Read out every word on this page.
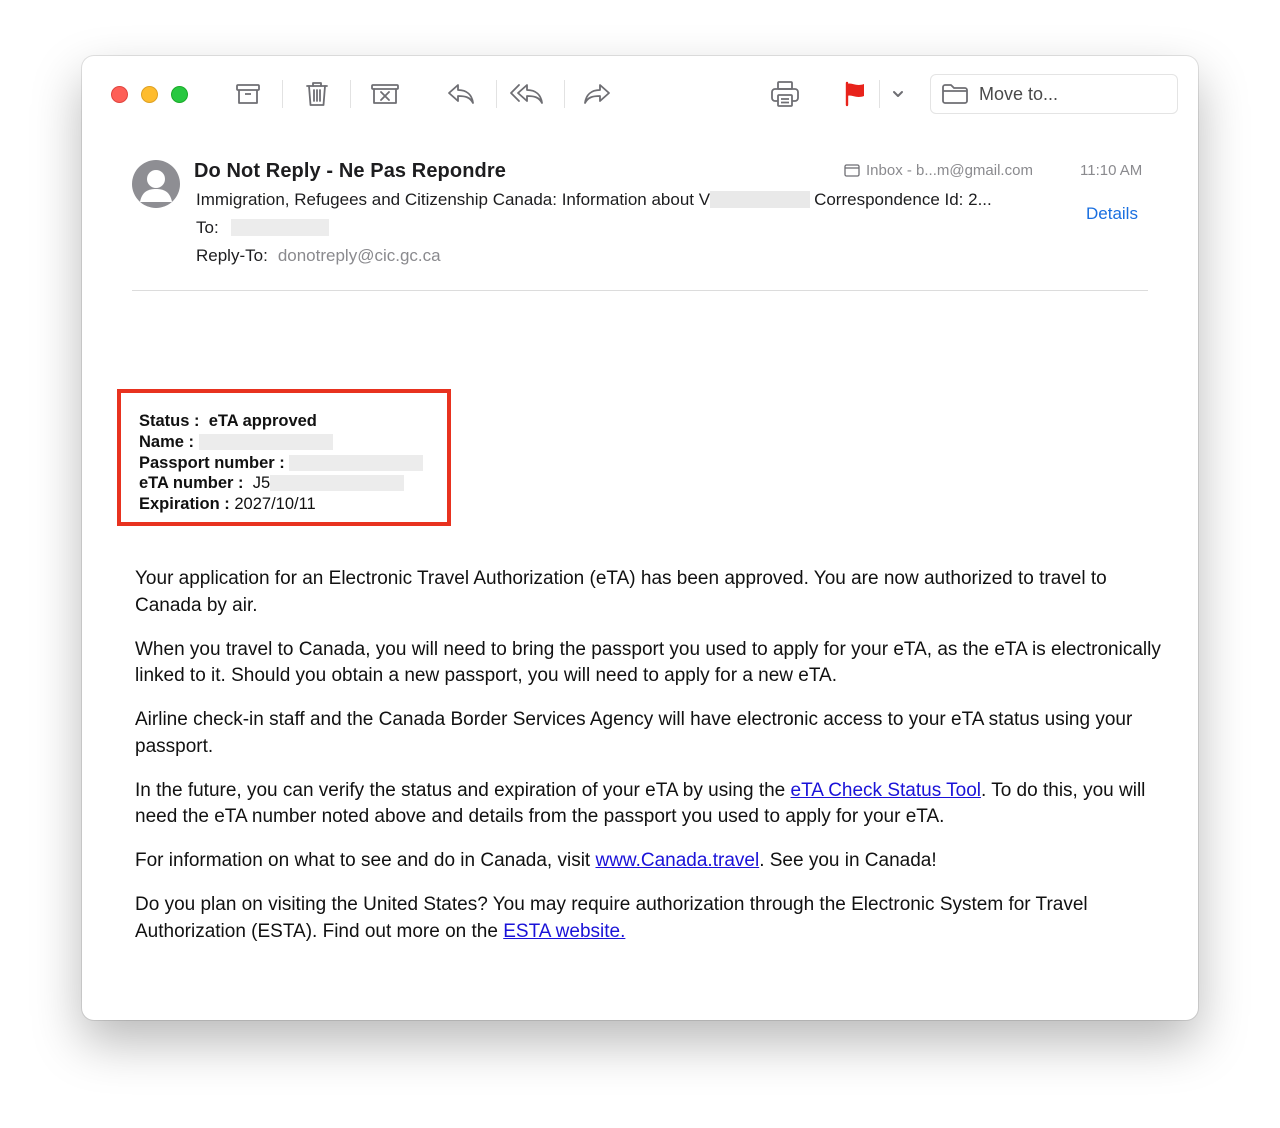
Move to...
Do Not Reply - Ne Pas Repondre	Inbox - b...m@gmail.com	11:10 AM
Immigration, Refugees and Citizenship Canada: Information about V	Correspondence Id: 2...
Details
To:
Reply-To: donotreply@cic.gc.ca
Status : eTA approved
Name :
Passport number :
eTA number : J5
Expiration : 2027/10/11

Your application for an Electronic Travel Authorization (eTA) has been approved. You are now authorized to travel to Canada by air.

When you travel to Canada, you will need to bring the passport you used to apply for your eTA, as the eTA is electronically linked to it. Should you obtain a new passport, you will need to apply for a new eTA.

Airline check-in staff and the Canada Border Services Agency will have electronic access to your eTA status using your passport.

In the future, you can verify the status and expiration of your eTA by using the eTA Check Status Tool. To do this, you will need the eTA number noted above and details from the passport you used to apply for your eTA.

For information on what to see and do in Canada, visit www.Canada.travel. See you in Canada!

Do you plan on visiting the United States? You may require authorization through the Electronic System for Travel Authorization (ESTA). Find out more on the ESTA website.
